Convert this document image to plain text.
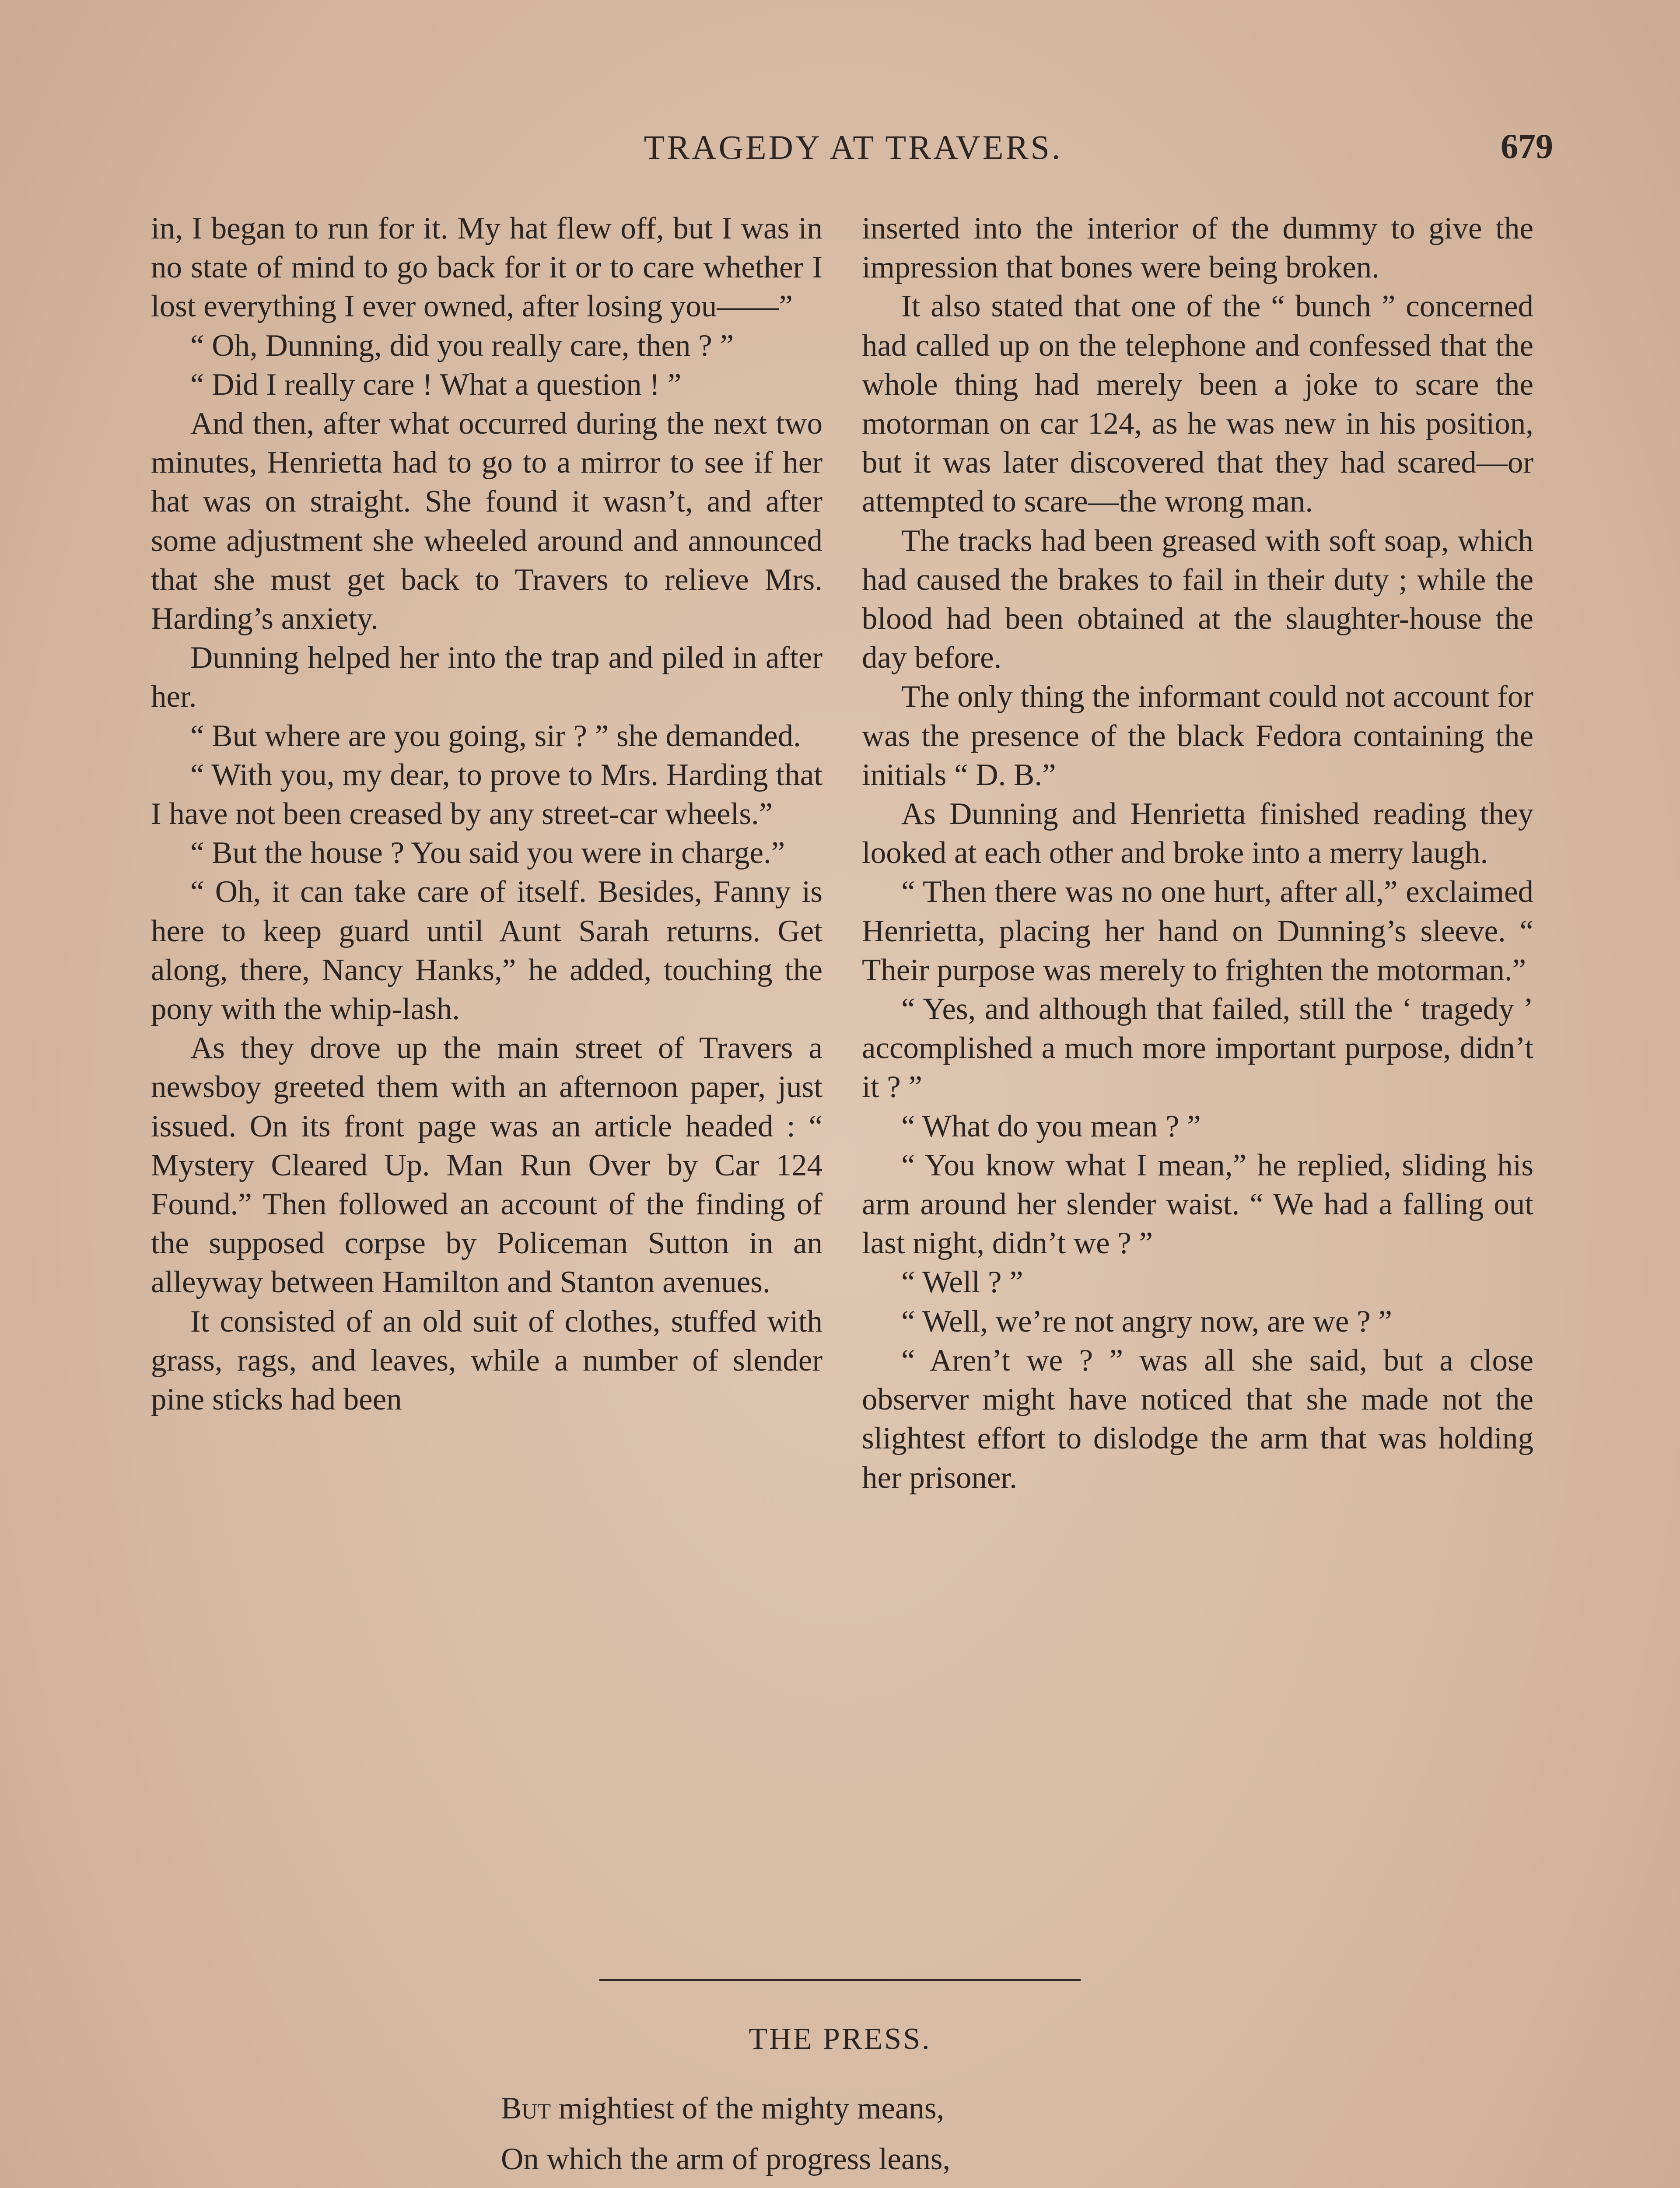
TRAGEDY AT TRAVERS.	679

in, I began to run for it. My hat flew off, but I was in no state of mind to go back for it or to care whether I lost everything I ever owned, after losing you——”

“ Oh, Dunning, did you really care, then ? ”

“ Did I really care ! What a question ! ”

And then, after what occurred during the next two minutes, Henrietta had to go to a mirror to see if her hat was on straight. She found it wasn’t, and after some adjustment she wheeled around and announced that she must get back to Travers to relieve Mrs. Harding’s anxiety.

Dunning helped her into the trap and piled in after her.

“ But where are you going, sir ? ” she demanded.

“ With you, my dear, to prove to Mrs. Harding that I have not been creased by any street-car wheels.”

“ But the house ? You said you were in charge.”

“ Oh, it can take care of itself. Besides, Fanny is here to keep guard until Aunt Sarah returns. Get along, there, Nancy Hanks,” he added, touching the pony with the whip-lash.

As they drove up the main street of Travers a newsboy greeted them with an afternoon paper, just issued. On its front page was an article headed : “ Mystery Cleared Up. Man Run Over by Car 124 Found.” Then followed an account of the finding of the supposed corpse by Policeman Sutton in an alleyway between Hamilton and Stanton avenues.

It consisted of an old suit of clothes, stuffed with grass, rags, and leaves, while a number of slender pine sticks had been

inserted into the interior of the dummy to give the impression that bones were being broken.

It also stated that one of the “ bunch ” concerned had called up on the telephone and confessed that the whole thing had merely been a joke to scare the motorman on car 124, as he was new in his position, but it was later discovered that they had scared—or attempted to scare—the wrong man.

The tracks had been greased with soft soap, which had caused the brakes to fail in their duty ; while the blood had been obtained at the slaughter-house the day before.

The only thing the informant could not account for was the presence of the black Fedora containing the initials “ D. B.”

As Dunning and Henrietta finished reading they looked at each other and broke into a merry laugh.

“ Then there was no one hurt, after all,” exclaimed Henrietta, placing her hand on Dunning’s sleeve. “ Their purpose was merely to frighten the motorman.”

“ Yes, and although that failed, still the ‘ tragedy ’ accomplished a much more important purpose, didn’t it ? ”

“ What do you mean ? ”

“ You know what I mean,” he replied, sliding his arm around her slender waist. “ We had a falling out last night, didn’t we ? ”

“ Well ? ”

“ Well, we’re not angry now, are we ? ”

“ Aren’t we ? ” was all she said, but a close observer might have noticed that she made not the slightest effort to dislodge the arm that was holding her prisoner.

THE PRESS.
But mightiest of the mighty means,
On which the arm of progress leans,
